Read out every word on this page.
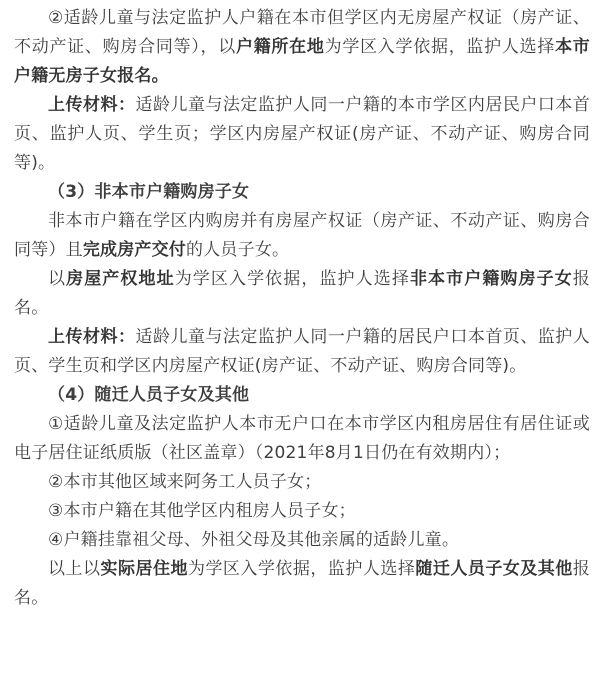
②适龄儿童与法定监护人户籍在本市但学区内无房屋产权证（房产证、不动产证、购房合同等），以户籍所在地为学区入学依据，监护人选择本市户籍无房子女报名。

上传材料：适龄儿童与法定监护人同一户籍的本市学区内居民户口本首页、监护人页、学生页；学区内房屋产权证(房产证、不动产证、购房合同等)。

（3）非本市户籍购房子女

非本市户籍在学区内购房并有房屋产权证（房产证、不动产证、购房合同等）且完成房产交付的人员子女。

以房屋产权地址为学区入学依据，监护人选择非本市户籍购房子女报名。

上传材料：适龄儿童与法定监护人同一户籍的居民户口本首页、监护人页、学生页和学区内房屋产权证(房产证、不动产证、购房合同等)。

（4）随迁人员子女及其他

①适龄儿童及法定监护人本市无户口在本市学区内租房居住有居住证或电子居住证纸质版（社区盖章）（2021年8月1日仍在有效期内）；

②本市其他区域来阿务工人员子女；

③本市户籍在其他学区内租房人员子女；

④户籍挂靠祖父母、外祖父母及其他亲属的适龄儿童。

以上以实际居住地为学区入学依据，监护人选择随迁人员子女及其他报名。
